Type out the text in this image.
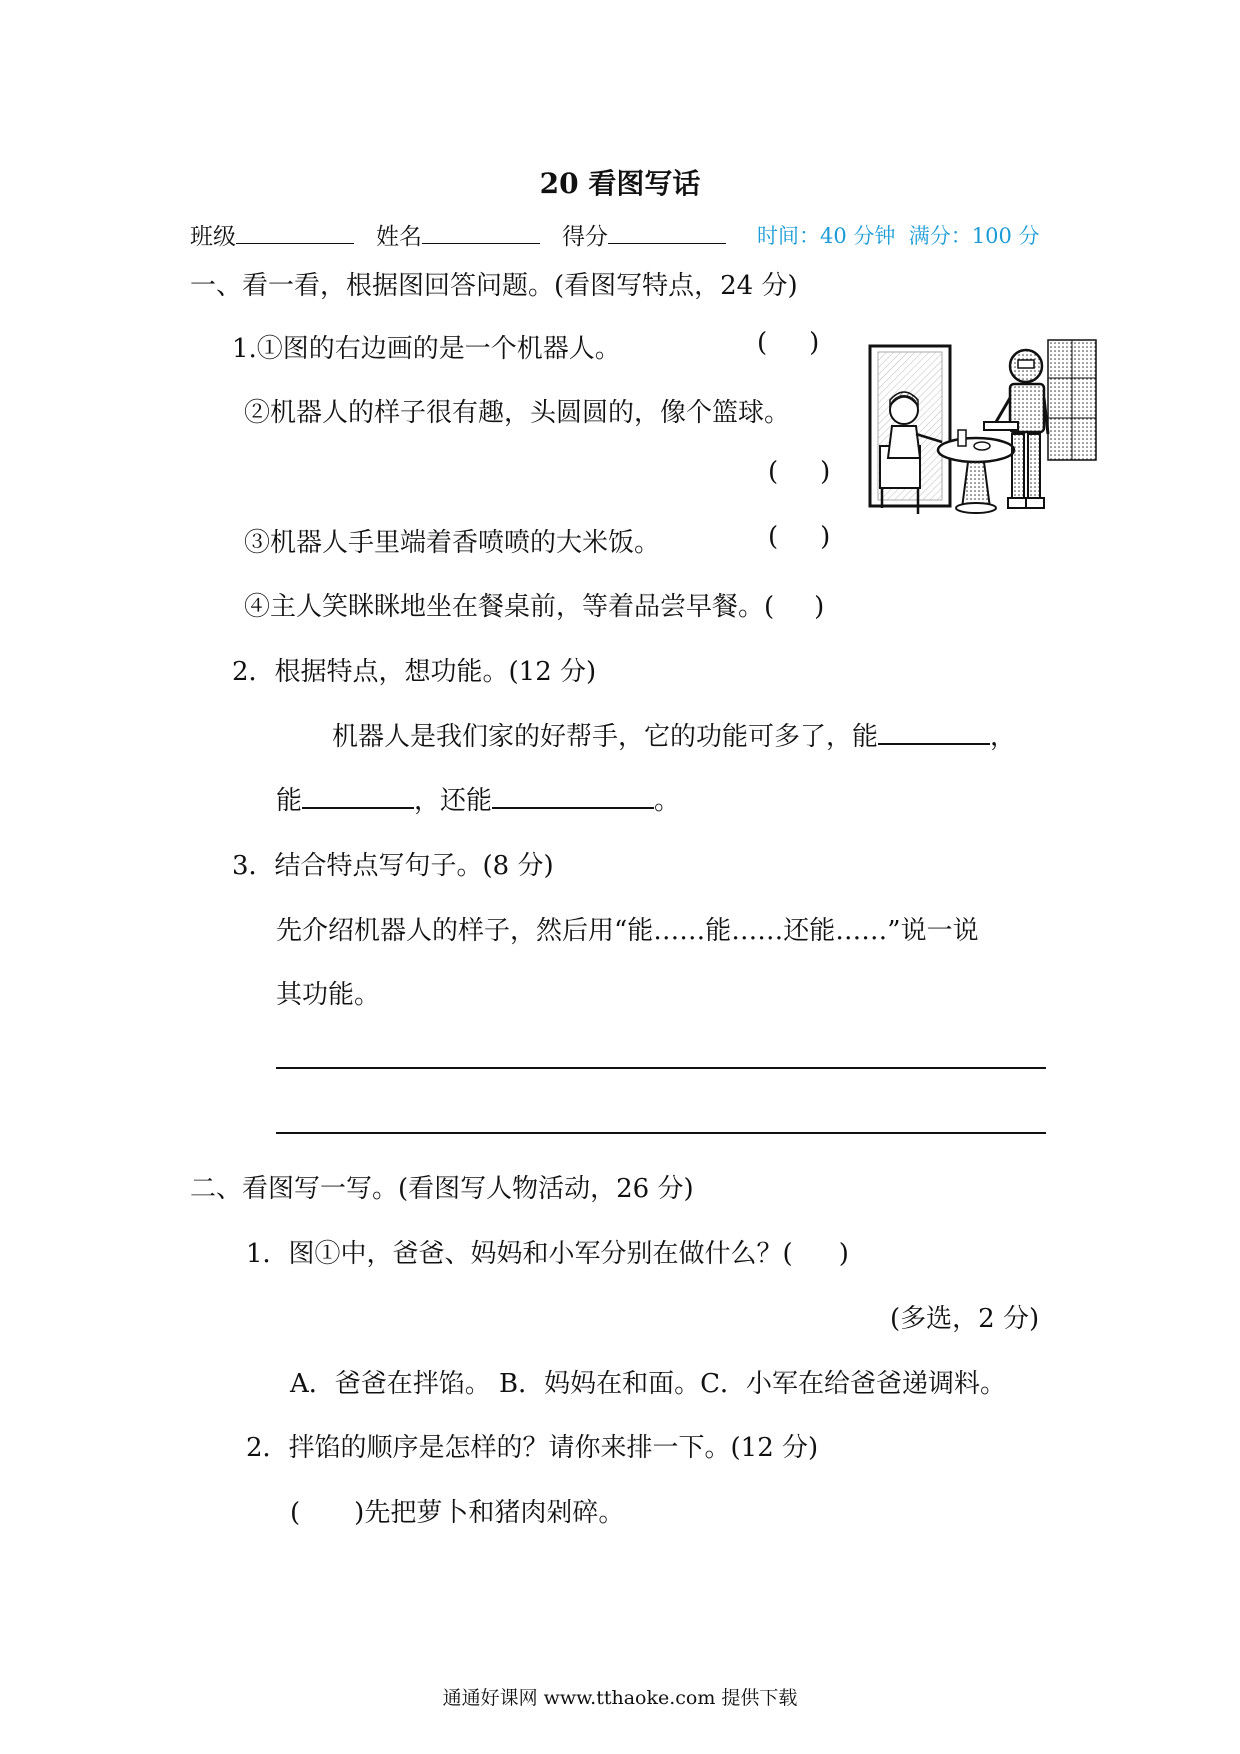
20 看图写话
班级	姓名	得分	时间：40 分钟 满分：100 分
一、看一看，根据图回答问题。(看图写特点，24 分)
1.①图的右边画的是一个机器人。	( )
②机器人的样子很有趣，头圆圆的，像个篮球。
( )
③机器人手里端着香喷喷的大米饭。	( )
④主人笑眯眯地坐在餐桌前，等着品尝早餐。( )
2．根据特点，想功能。(12 分)
机器人是我们家的好帮手，它的功能可多了，能	，
能	，还能	。
3．结合特点写句子。(8 分)
先介绍机器人的样子，然后用“能……能……还能……”说一说
其功能。
二、看图写一写。(看图写人物活动，26 分)
1．图①中，爸爸、妈妈和小军分别在做什么？( )
(多选，2 分)
A．爸爸在拌馅。 B．妈妈在和面。C．小军在给爸爸递调料。
2．拌馅的顺序是怎样的？请你来排一下。(12 分)
( )先把萝卜和猪肉剁碎。
通通好课网 www.tthaoke.com 提供下载
